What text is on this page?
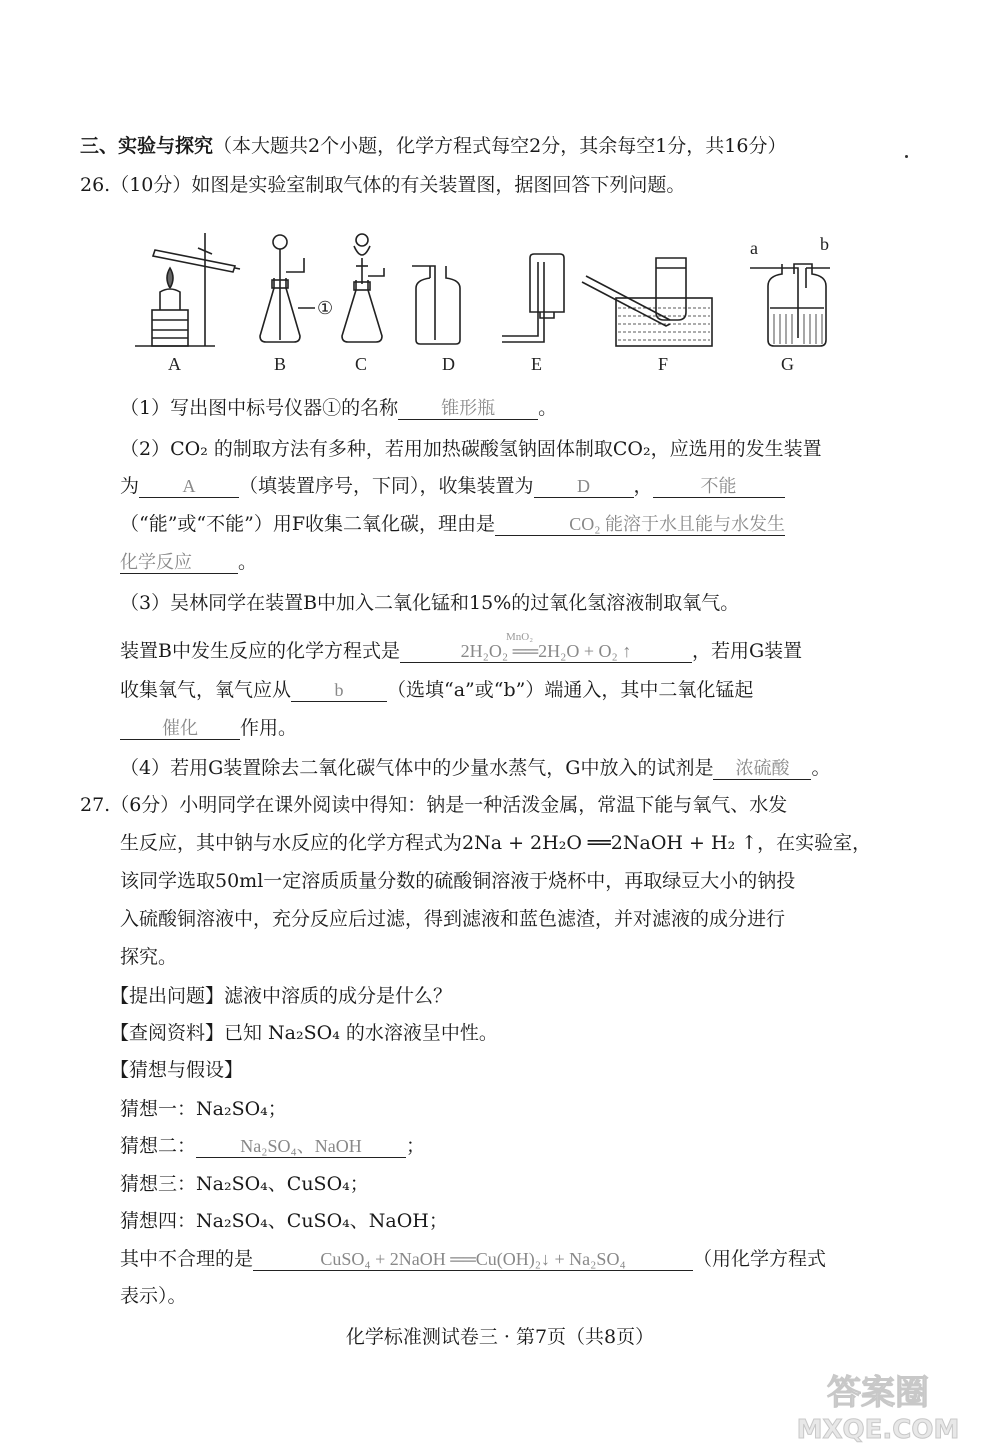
三、实验与探究（本大题共2个小题，化学方程式每空2分，其余每空1分，共16分）
26.（10分）如图是实验室制取气体的有关装置图，据图回答下列问题。
A	B	C	D	E	F	G
①
a	b
（1）写出图中标号仪器①的名称 锥形瓶 。
（2）CO₂ 的制取方法有多种，若用加热碳酸氢钠固体制取CO₂，应选用的发生装置
为 A （填装置序号，下同），收集装置为 D ，	不能
（“能”或“不能”）用F收集二氧化碳，理由是	CO₂ 能溶于水且能与水发生
化学反应 。
（3）吴林同学在装置B中加入二氧化锰和15%的过氧化氢溶液制取氧气。
装置B中发生反应的化学方程式是
MnO₂
2H₂O₂ ══2H₂O + O₂ ↑	，若用G装置
收集氧气，氧气应从 b （选填“a”或“b”）端通入，其中二氧化锰起
催化 作用。
（4）若用G装置除去二氧化碳气体中的少量水蒸气，G中放入的试剂是 浓硫酸 。
27.（6分）小明同学在课外阅读中得知：钠是一种活泼金属，常温下能与氧气、水发
生反应，其中钠与水反应的化学方程式为2Na + 2H₂O ══2NaOH + H₂ ↑，在实验室，
该同学选取50ml一定溶质质量分数的硫酸铜溶液于烧杯中，再取绿豆大小的钠投
入硫酸铜溶液中，充分反应后过滤，得到滤液和蓝色滤渣，并对滤液的成分进行
探究。
【提出问题】滤液中溶质的成分是什么？
【查阅资料】已知 Na₂SO₄ 的水溶液呈中性。
【猜想与假设】
猜想一：Na₂SO₄；
猜想二： Na₂SO₄、NaOH ；
猜想三：Na₂SO₄、CuSO₄；
猜想四：Na₂SO₄、CuSO₄、NaOH；
其中不合理的是	CuSO₄ + 2NaOH ══Cu(OH)₂↓ + Na₂SO₄	（用化学方程式
表示）。
化学标准测试卷三 · 第7页（共8页）
答案圈
MXQE.COM
